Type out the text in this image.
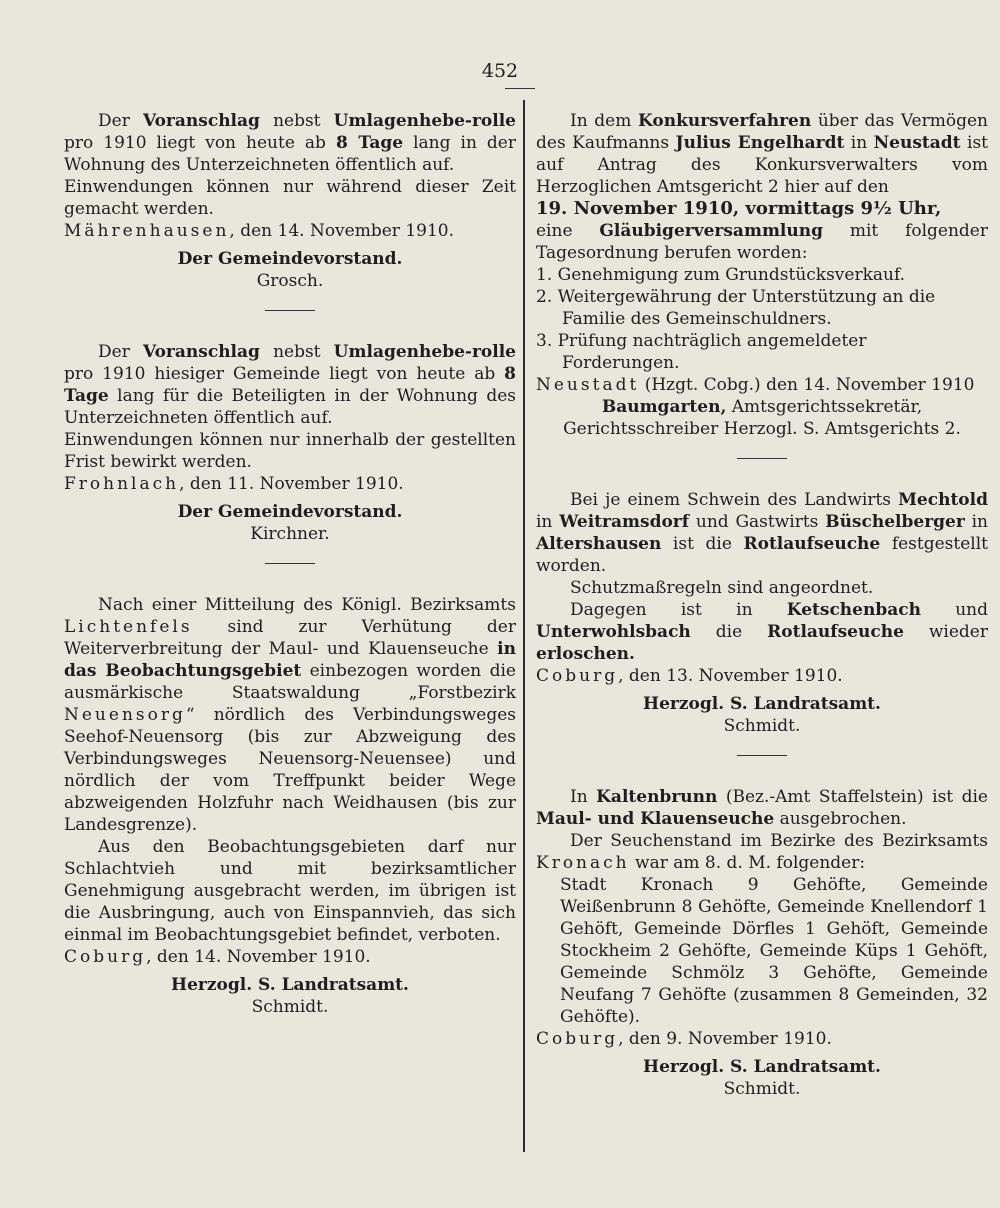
452

Der Voranschlag nebst Umlagenhebe-rolle pro 1910 liegt von heute ab 8 Tage lang in der Wohnung des Unterzeichneten öffentlich auf.

Einwendungen können nur während dieser Zeit gemacht werden.

Mährenhausen, den 14. November 1910.

Der Gemeindevorstand.
Grosch.

Der Voranschlag nebst Umlagenhebe-rolle pro 1910 hiesiger Gemeinde liegt von heute ab 8 Tage lang für die Beteiligten in der Wohnung des Unterzeichneten öffentlich auf.

Einwendungen können nur innerhalb der gestellten Frist bewirkt werden.

Frohnlach, den 11. November 1910.

Der Gemeindevorstand.
Kirchner.

Nach einer Mitteilung des Königl. Bezirksamts Lichtenfels sind zur Verhütung der Weiterverbreitung der Maul- und Klauenseuche in das Beobachtungsgebiet einbezogen worden die ausmärkische Staatswaldung „Forstbezirk Neuensorg“ nördlich des Verbindungsweges Seehof-Neuensorg (bis zur Abzweigung des Verbindungsweges Neuensorg-Neuensee) und nördlich der vom Treffpunkt beider Wege abzweigenden Holzfuhr nach Weidhausen (bis zur Landesgrenze).

Aus den Beobachtungsgebieten darf nur Schlachtvieh und mit bezirksamtlicher Genehmigung ausgebracht werden, im übrigen ist die Ausbringung, auch von Einspannvieh, das sich einmal im Beobachtungsgebiet befindet, verboten.

Coburg, den 14. November 1910.

Herzogl. S. Landratsamt.
Schmidt.

In dem Konkursverfahren über das Vermögen des Kaufmanns Julius Engelhardt in Neustadt ist auf Antrag des Konkursverwalters vom Herzoglichen Amtsgericht 2 hier auf den

19. November 1910, vormittags 9½ Uhr,

eine Gläubigerversammlung mit folgender Tagesordnung berufen worden:

1. Genehmigung zum Grundstücksverkauf.
2. Weitergewährung der Unterstützung an die Familie des Gemeinschuldners.
3. Prüfung nachträglich angemeldeter Forderungen.

Neustadt (Hzgt. Cobg.) den 14. November 1910

Baumgarten, Amtsgerichtssekretär,

Gerichtsschreiber Herzogl. S. Amtsgerichts 2.

Bei je einem Schwein des Landwirts Mechtold in Weitramsdorf und Gastwirts Büschelberger in Altershausen ist die Rotlaufseuche festgestellt worden.

Schutzmaßregeln sind angeordnet.

Dagegen ist in Ketschenbach und Unterwohlsbach die Rotlaufseuche wieder erloschen.

Coburg, den 13. November 1910.

Herzogl. S. Landratsamt.
Schmidt.

In Kaltenbrunn (Bez.-Amt Staffelstein) ist die Maul- und Klauenseuche ausgebrochen.

Der Seuchenstand im Bezirke des Bezirksamts Kronach war am 8. d. M. folgender:

Stadt Kronach 9 Gehöfte, Gemeinde Weißenbrunn 8 Gehöfte, Gemeinde Knellendorf 1 Gehöft, Gemeinde Dörfles 1 Gehöft, Gemeinde Stockheim 2 Gehöfte, Gemeinde Küps 1 Gehöft, Gemeinde Schmölz 3 Gehöfte, Gemeinde Neufang 7 Gehöfte (zusammen 8 Gemeinden, 32 Gehöfte).

Coburg, den 9. November 1910.

Herzogl. S. Landratsamt.
Schmidt.
